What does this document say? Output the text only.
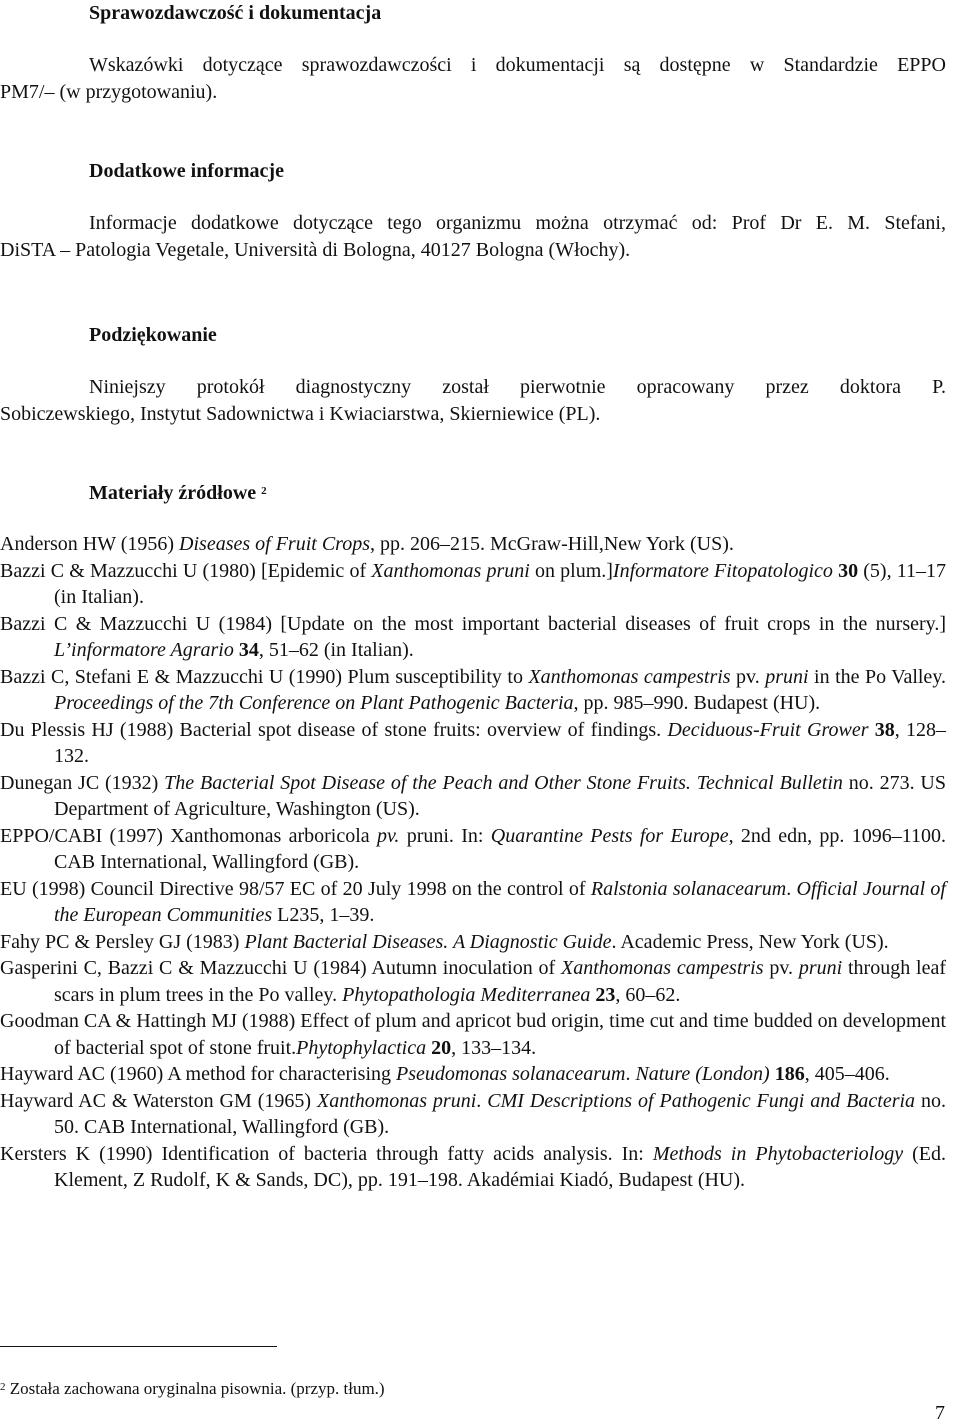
Sprawozdawczość i dokumentacja
Wskazówki dotyczące sprawozdawczości i dokumentacji są dostępne w Standardzie EPPO
PM7/– (w przygotowaniu).
Dodatkowe informacje
Informacje dodatkowe dotyczące tego organizmu można otrzymać od: Prof Dr E. M. Stefani,
DiSTA – Patologia Vegetale, Università di Bologna, 40127 Bologna (Włochy).
Podziękowanie
Niniejszy protokół diagnostyczny został pierwotnie opracowany przez doktora P.
Sobiczewskiego, Instytut Sadownictwa i Kwiaciarstwa, Skierniewice (PL).
Materiały źródłowe $^2$

Anderson HW (1956) Diseases of Fruit Crops, pp. 206–215. McGraw-Hill,New York (US).

Bazzi C & Mazzucchi U (1980) [Epidemic of Xanthomonas pruni on plum.]Informatore Fitopatologico 30 (5), 11–17 (in Italian).

Bazzi C & Mazzucchi U (1984) [Update on the most important bacterial diseases of fruit crops in the nursery.] L’informatore Agrario 34, 51–62 (in Italian).

Bazzi C, Stefani E & Mazzucchi U (1990) Plum susceptibility to Xanthomonas campestris pv. pruni in the Po Valley. Proceedings of the 7th Conference on Plant Pathogenic Bacteria, pp. 985–990. Budapest (HU).

Du Plessis HJ (1988) Bacterial spot disease of stone fruits: overview of findings. Deciduous-Fruit Grower 38, 128–132.

Dunegan JC (1932) The Bacterial Spot Disease of the Peach and Other Stone Fruits. Technical Bulletin no. 273. US Department of Agriculture, Washington (US).

EPPO/CABI (1997) Xanthomonas arboricola pv. pruni. In: Quarantine Pests for Europe, 2nd edn, pp. 1096–1100. CAB International, Wallingford (GB).

EU (1998) Council Directive 98/57 EC of 20 July 1998 on the control of Ralstonia solanacearum. Official Journal of the European Communities L235, 1–39.

Fahy PC & Persley GJ (1983) Plant Bacterial Diseases. A Diagnostic Guide. Academic Press, New York (US).

Gasperini C, Bazzi C & Mazzucchi U (1984) Autumn inoculation of Xanthomonas campestris pv. pruni through leaf scars in plum trees in the Po valley. Phytopathologia Mediterranea 23, 60–62.

Goodman CA & Hattingh MJ (1988) Effect of plum and apricot bud origin, time cut and time budded on development of bacterial spot of stone fruit.Phytophylactica 20, 133–134.

Hayward AC (1960) A method for characterising Pseudomonas solanacearum. Nature (London) 186, 405–406.

Hayward AC & Waterston GM (1965) Xanthomonas pruni. CMI Descriptions of Pathogenic Fungi and Bacteria no. 50. CAB International, Wallingford (GB).

Kersters K (1990) Identification of bacteria through fatty acids analysis. In: Methods in Phytobacteriology (Ed. Klement, Z Rudolf, K & Sands, DC), pp. 191–198. Akadémiai Kiadó, Budapest (HU).

$^2$ Została zachowana oryginalna pisownia. (przyp. tłum.)
7
